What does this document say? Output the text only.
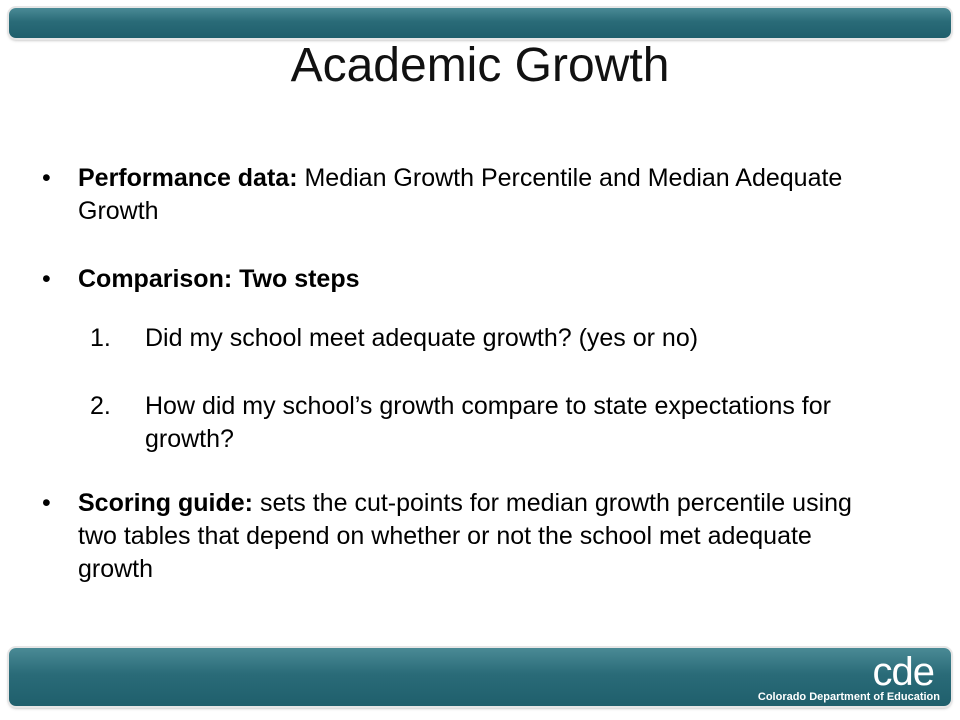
Academic Growth
• Performance data: Median Growth Percentile and Median Adequate Growth
• Comparison: Two steps
1. Did my school meet adequate growth? (yes or no)
2. How did my school’s growth compare to state expectations for growth?
• Scoring guide: sets the cut-points for median growth percentile using two tables that depend on whether or not the school met adequate growth
cde
Colorado Department of Education
